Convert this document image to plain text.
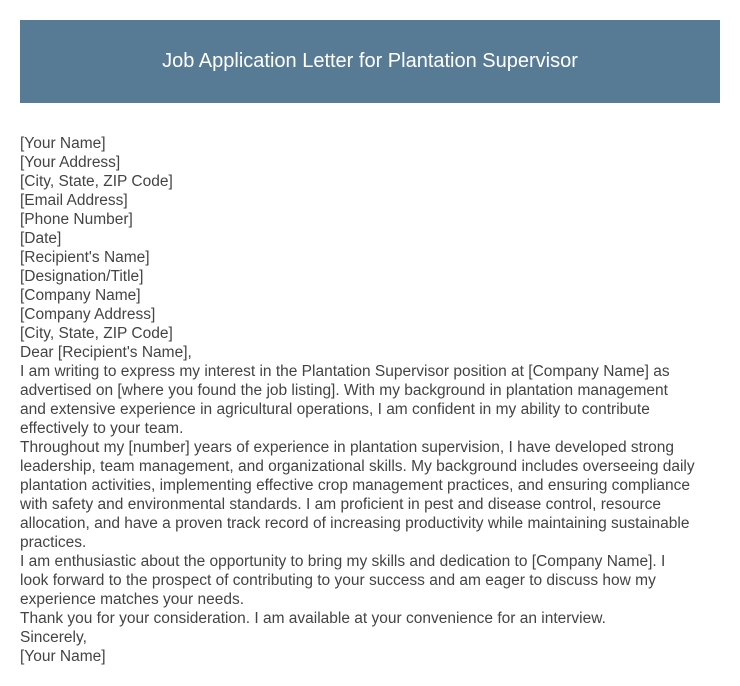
Job Application Letter for Plantation Supervisor
[Your Name]
[Your Address]
[City, State, ZIP Code]
[Email Address]
[Phone Number]
[Date]
[Recipient's Name]
[Designation/Title]
[Company Name]
[Company Address]
[City, State, ZIP Code]
Dear [Recipient's Name],
I am writing to express my interest in the Plantation Supervisor position at [Company Name] as
advertised on [where you found the job listing]. With my background in plantation management
and extensive experience in agricultural operations, I am confident in my ability to contribute
effectively to your team.
Throughout my [number] years of experience in plantation supervision, I have developed strong
leadership, team management, and organizational skills. My background includes overseeing daily
plantation activities, implementing effective crop management practices, and ensuring compliance
with safety and environmental standards. I am proficient in pest and disease control, resource
allocation, and have a proven track record of increasing productivity while maintaining sustainable
practices.
I am enthusiastic about the opportunity to bring my skills and dedication to [Company Name]. I
look forward to the prospect of contributing to your success and am eager to discuss how my
experience matches your needs.
Thank you for your consideration. I am available at your convenience for an interview.
Sincerely,
[Your Name]
